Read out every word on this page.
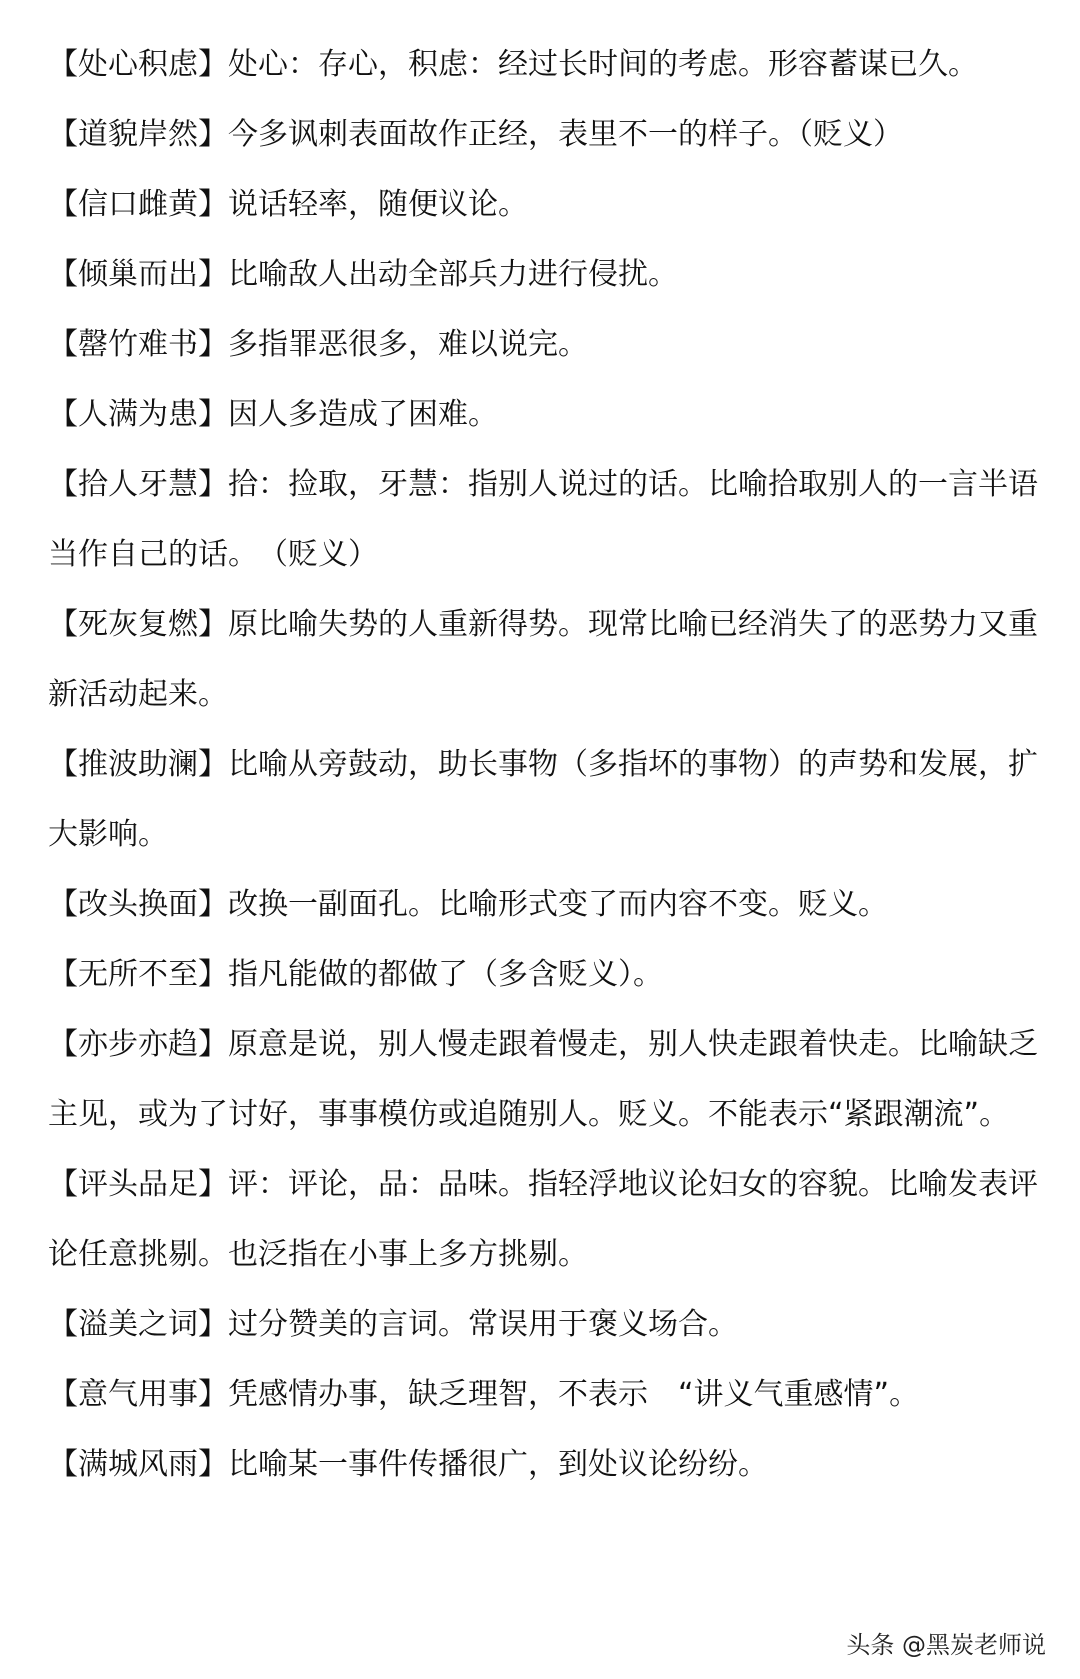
【处心积虑】处心：存心，积虑：经过长时间的考虑。形容蓄谋已久。
【道貌岸然】今多讽刺表面故作正经，表里不一的样子。（贬义）
【信口雌黄】说话轻率，随便议论。
【倾巢而出】比喻敌人出动全部兵力进行侵扰。
【罄竹难书】多指罪恶很多，难以说完。
【人满为患】因人多造成了困难。
【拾人牙慧】拾：捡取，牙慧：指别人说过的话。比喻拾取别人的一言半语当作自己的话。　（贬义）
【死灰复燃】原比喻失势的人重新得势。现常比喻已经消失了的恶势力又重新活动起来。
【推波助澜】比喻从旁鼓动，助长事物（多指坏的事物）的声势和发展，扩大影响。
【改头换面】改换一副面孔。比喻形式变了而内容不变。贬义。
【无所不至】指凡能做的都做了（多含贬义）。
【亦步亦趋】原意是说，别人慢走跟着慢走，别人快走跟着快走。比喻缺乏主见，或为了讨好，事事模仿或追随别人。贬义。不能表示“紧跟潮流”。
【评头品足】评：评论，品：品味。指轻浮地议论妇女的容貌。比喻发表评论任意挑剔。也泛指在小事上多方挑剔。
【溢美之词】过分赞美的言词。常误用于褒义场合。
【意气用事】凭感情办事，缺乏理智，不表示　“讲义气重感情”。
【满城风雨】比喻某一事件传播很广，到处议论纷纷。
头条 @黑炭老师说
